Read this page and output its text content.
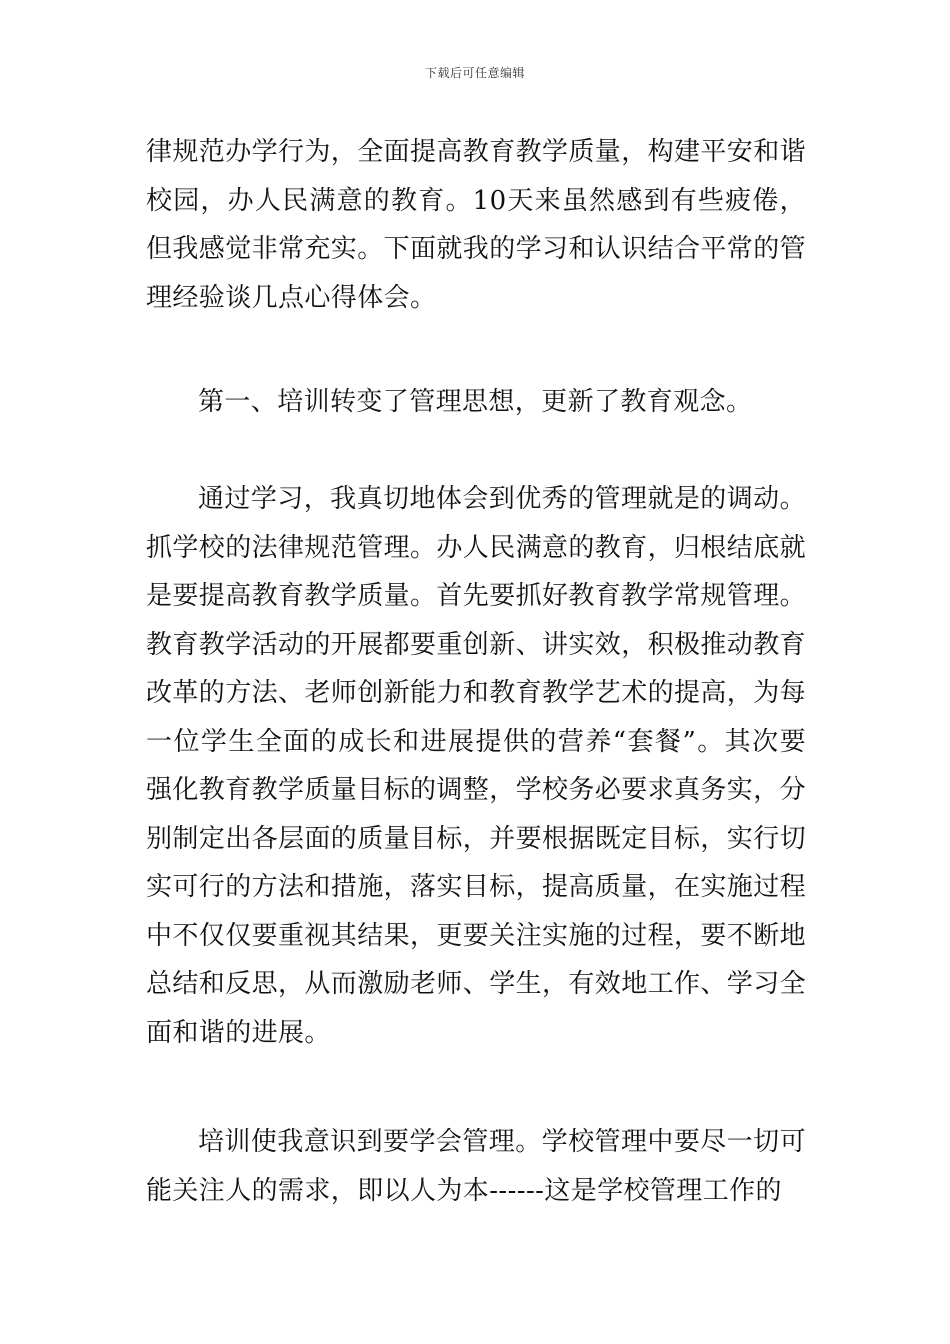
下载后可任意编辑

律规范办学行为，全面提高教育教学质量，构建平安和谐校园，办人民满意的教育。10天来虽然感到有些疲倦，但我感觉非常充实。下面就我的学习和认识结合平常的管理经验谈几点心得体会。

第一、培训转变了管理思想，更新了教育观念。

通过学习，我真切地体会到优秀的管理就是的调动。抓学校的法律规范管理。办人民满意的教育，归根结底就是要提高教育教学质量。首先要抓好教育教学常规管理。教育教学活动的开展都要重创新、讲实效，积极推动教育改革的方法、老师创新能力和教育教学艺术的提高，为每一位学生全面的成长和进展提供的营养“套餐”。其次要强化教育教学质量目标的调整，学校务必要求真务实，分别制定出各层面的质量目标，并要根据既定目标，实行切实可行的方法和措施，落实目标，提高质量，在实施过程中不仅仅要重视其结果，更要关注实施的过程，要不断地总结和反思，从而激励老师、学生，有效地工作、学习全面和谐的进展。

培训使我意识到要学会管理。学校管理中要尽一切可能关注人的需求，即以人为本------这是学校管理工作的
